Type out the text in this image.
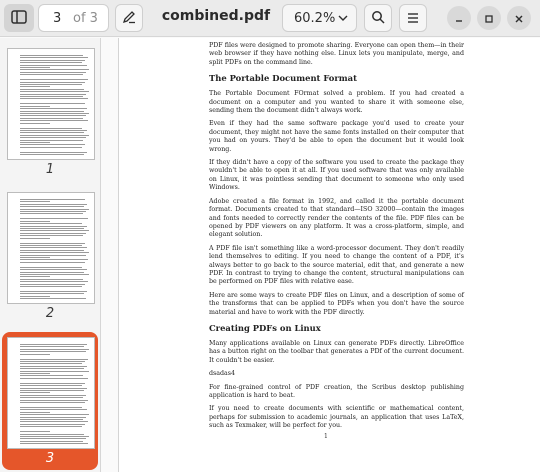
3 of 3	combined.pdf	60.2%
1
2
3

PDF files were designed to promote sharing. Everyone can open them—in their web browser if they have nothing else. Linux lets you manipulate, merge, and split PDFs on the command line.

The Portable Document Format

The Portable Document FOrmat solved a problem. If you had created a document on a computer and you wanted to share it with someone else, sending them the document didn't always work.

Even if they had the same software package you'd used to create your document, they might not have the same fonts installed on their computer that you had on yours. They'd be able to open the document but it would look wrong.

If they didn't have a copy of the software you used to create the package they wouldn't be able to open it at all. If you used software that was only available on Linux, it was pointless sending that document to someone who only used Windows.

Adobe created a file format in 1992, and called it the portable document format. Documents created to that standard—ISO 32000—contain the images and fonts needed to correctly render the contents of the file. PDF files can be opened by PDF viewers on any platform. It was a cross-platform, simple, and elegant solution.

A PDF file isn't something like a word-processor document. They don't readily lend themselves to editing. If you need to change the content of a PDF, it's always better to go back to the source material, edit that, and generate a new PDF. In contrast to trying to change the content, structural manipulations can be performed on PDF files with relative ease.

Here are some ways to create PDF files on Linux, and a description of some of the transforms that can be applied to PDFs when you don't have the source material and have to work with the PDF directly.

Creating PDFs on Linux

Many applications available on Linux can generate PDFs directly. LibreOffice has a button right on the toolbar that generates a PDf of the current document. It couldn't be easier.

dsadas4

For fine-grained control of PDF creation, the Scribus desktop publishing application is hard to beat.

If you need to create documents with scientific or mathematical content, perhaps for submission to academic journals, an application that uses LaTeX, such as Texmaker, will be perfect for you.

1
